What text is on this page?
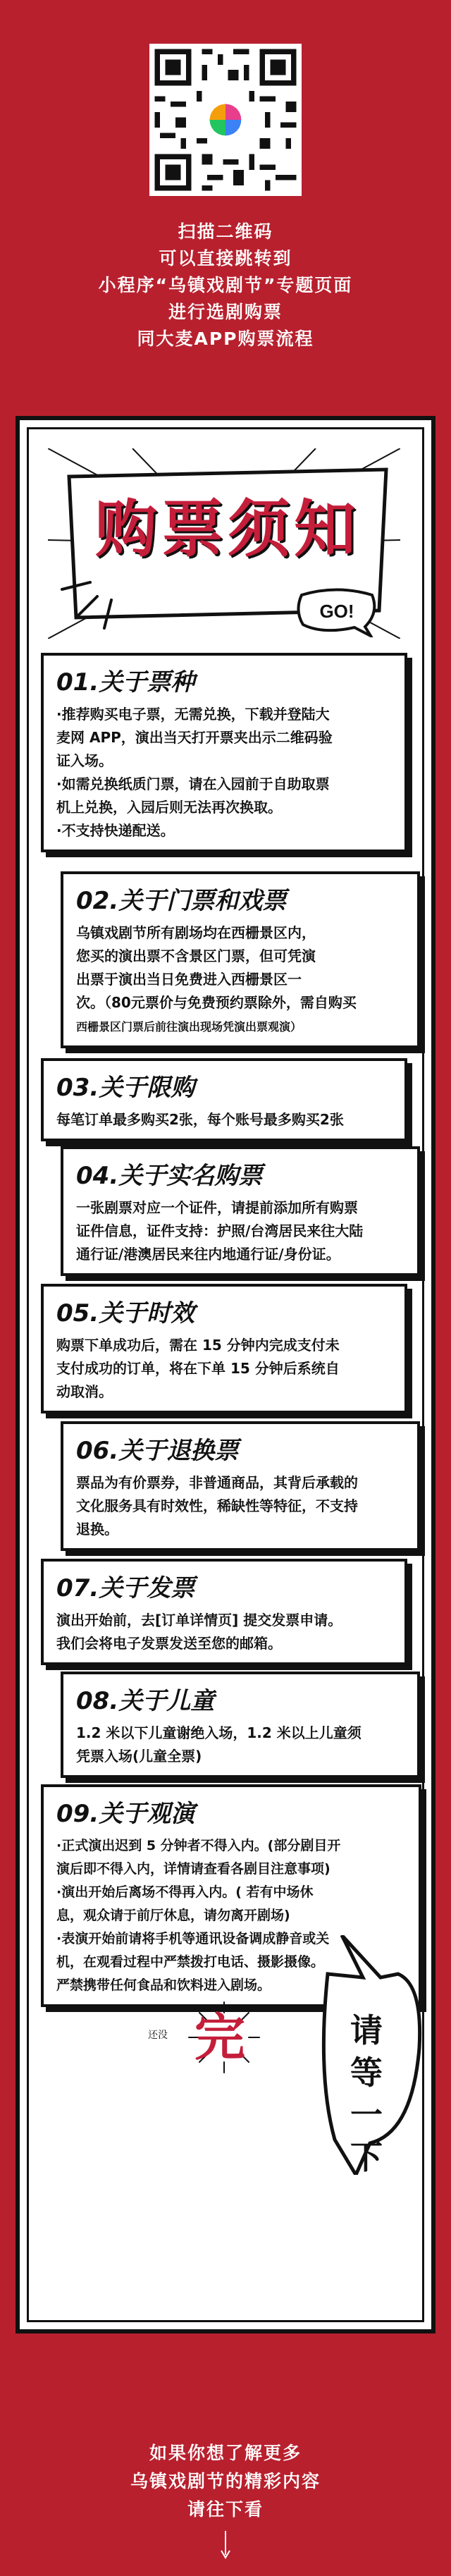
扫描二维码
可以直接跳转到
小程序“乌镇戏剧节”专题页面
进行选剧购票
同大麦APP购票流程
购票须知
GO!

01.关于票种

·推荐购买电子票，无需兑换，下载并登陆大
麦网 APP，演出当天打开票夹出示二维码验
证入场。
·如需兑换纸质门票，请在入园前于自助取票
机上兑换，入园后则无法再次换取。
·不支持快递配送。

02.关于门票和戏票

乌镇戏剧节所有剧场均在西栅景区内，
您买的演出票不含景区门票，但可凭演
出票于演出当日免费进入西栅景区一
次。（80元票价与免费预约票除外，需自购买
西栅景区门票后前往演出现场凭演出票观演）

03.关于限购

每笔订单最多购买2张，每个账号最多购买2张

04.关于实名购票

一张剧票对应一个证件，请提前添加所有购票
证件信息，证件支持：护照/台湾居民来往大陆
通行证/港澳居民来往内地通行证/身份证。

05.关于时效

购票下单成功后，需在 15 分钟内完成支付未
支付成功的订单，将在下单 15 分钟后系统自
动取消。

06.关于退换票

票品为有价票券，非普通商品，其背后承载的
文化服务具有时效性，稀缺性等特征，不支持
退换。

07.关于发票

演出开始前，去[订单详情页] 提交发票申请。
我们会将电子发票发送至您的邮箱。

08.关于儿童

1.2 米以下儿童谢绝入场，1.2 米以上儿童须
凭票入场(儿童全票)

09.关于观演

·正式演出迟到 5 分钟者不得入内。(部分剧目开
演后即不得入内，详情请查看各剧目注意事项)
·演出开始后离场不得再入内。( 若有中场休
息，观众请于前厅休息，请勿离开剧场)
·表演开始前请将手机等通讯设备调成静音或关
机，在观看过程中严禁拨打电话、摄影摄像。
严禁携带任何食品和饮料进入剧场。

还没 完	请
等
一
下
如果你想了解更多
乌镇戏剧节的精彩内容
请往下看
